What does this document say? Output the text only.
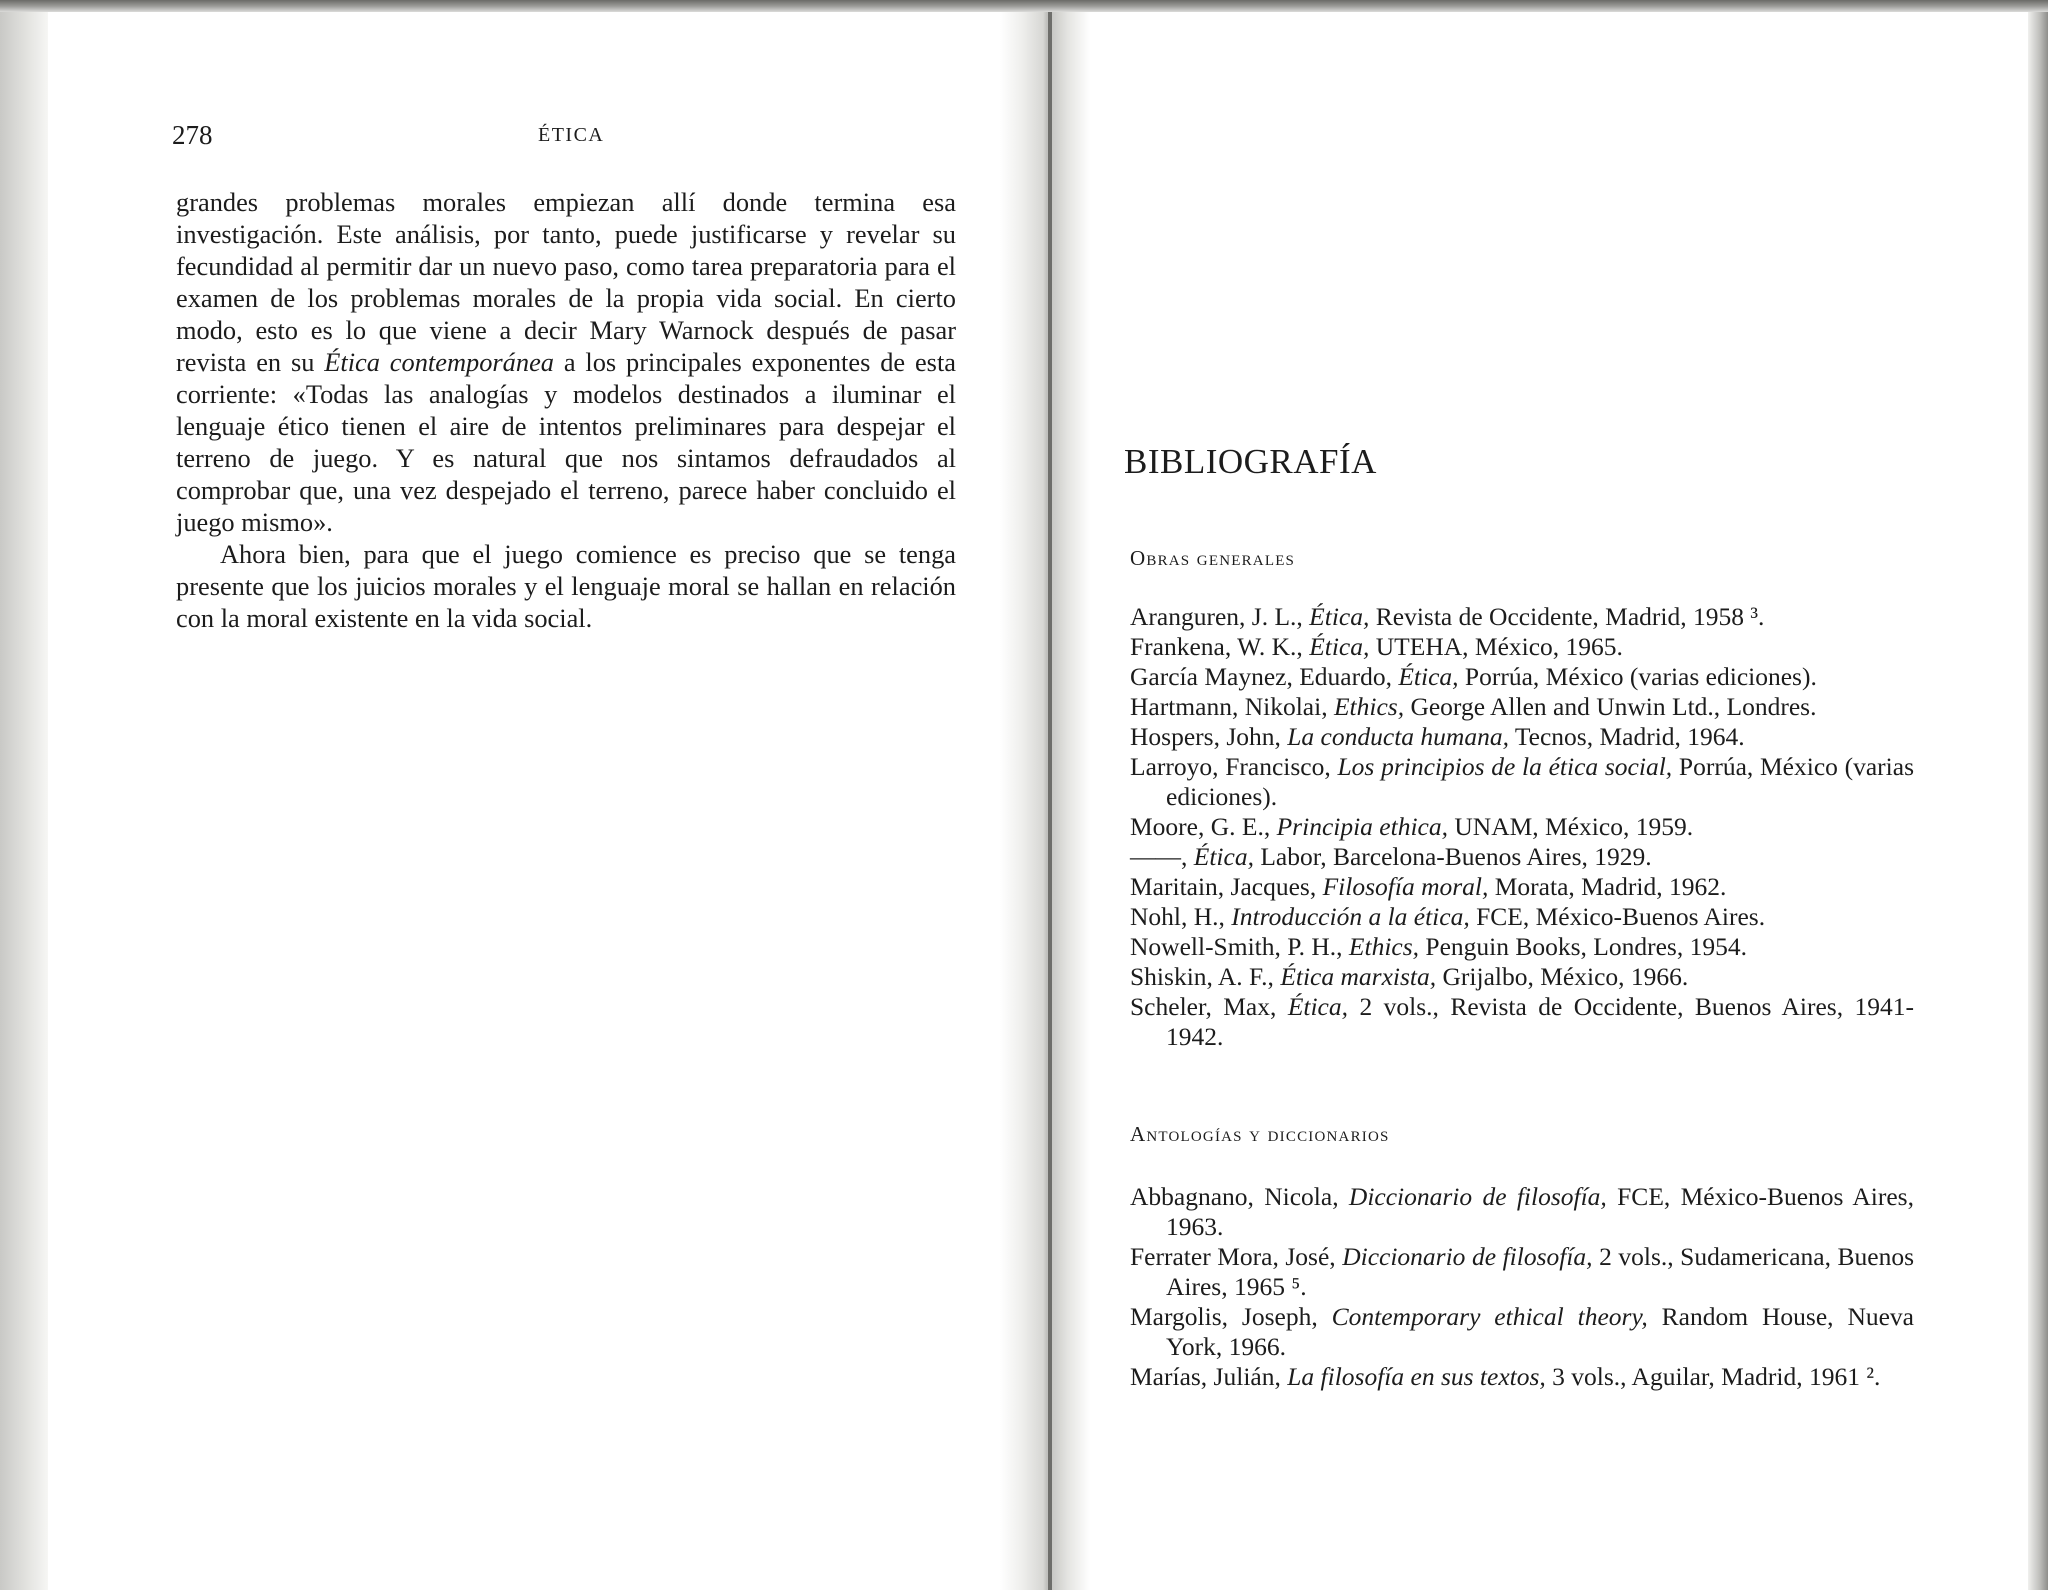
278	ÉTICA

grandes problemas morales empiezan allí donde termina esa investigación. Este análisis, por tanto, puede justificarse y revelar su fecundidad al permitir dar un nuevo paso, como tarea preparatoria para el examen de los problemas morales de la propia vida social. En cierto modo, esto es lo que viene a decir Mary Warnock después de pasar revista en su Ética contemporánea a los principales exponentes de esta corriente: «Todas las analogías y modelos destinados a iluminar el lenguaje ético tienen el aire de intentos preliminares para despejar el terreno de juego. Y es natural que nos sintamos defraudados al comprobar que, una vez despejado el terreno, parece haber concluido el juego mismo».

Ahora bien, para que el juego comience es preciso que se tenga presente que los juicios morales y el lenguaje moral se hallan en relación con la moral existente en la vida social.

BIBLIOGRAFÍA
Obras generales
Aranguren, J. L., Ética, Revista de Occidente, Madrid, 1958 ³.
Frankena, W. K., Ética, UTEHA, México, 1965.
García Maynez, Eduardo, Ética, Porrúa, México (varias ediciones).
Hartmann, Nikolai, Ethics, George Allen and Unwin Ltd., Londres.
Hospers, John, La conducta humana, Tecnos, Madrid, 1964.
Larroyo, Francisco, Los principios de la ética social, Porrúa, México (varias ediciones).
Moore, G. E., Principia ethica, UNAM, México, 1959.
——, Ética, Labor, Barcelona-Buenos Aires, 1929.
Maritain, Jacques, Filosofía moral, Morata, Madrid, 1962.
Nohl, H., Introducción a la ética, FCE, México-Buenos Aires.
Nowell-Smith, P. H., Ethics, Penguin Books, Londres, 1954.
Shiskin, A. F., Ética marxista, Grijalbo, México, 1966.
Scheler, Max, Ética, 2 vols., Revista de Occidente, Buenos Aires, 1941-1942.
Antologías y diccionarios
Abbagnano, Nicola, Diccionario de filosofía, FCE, México-Buenos Aires, 1963.
Ferrater Mora, José, Diccionario de filosofía, 2 vols., Sudamericana, Buenos Aires, 1965 ⁵.
Margolis, Joseph, Contemporary ethical theory, Random House, Nueva York, 1966.
Marías, Julián, La filosofía en sus textos, 3 vols., Aguilar, Madrid, 1961 ².
